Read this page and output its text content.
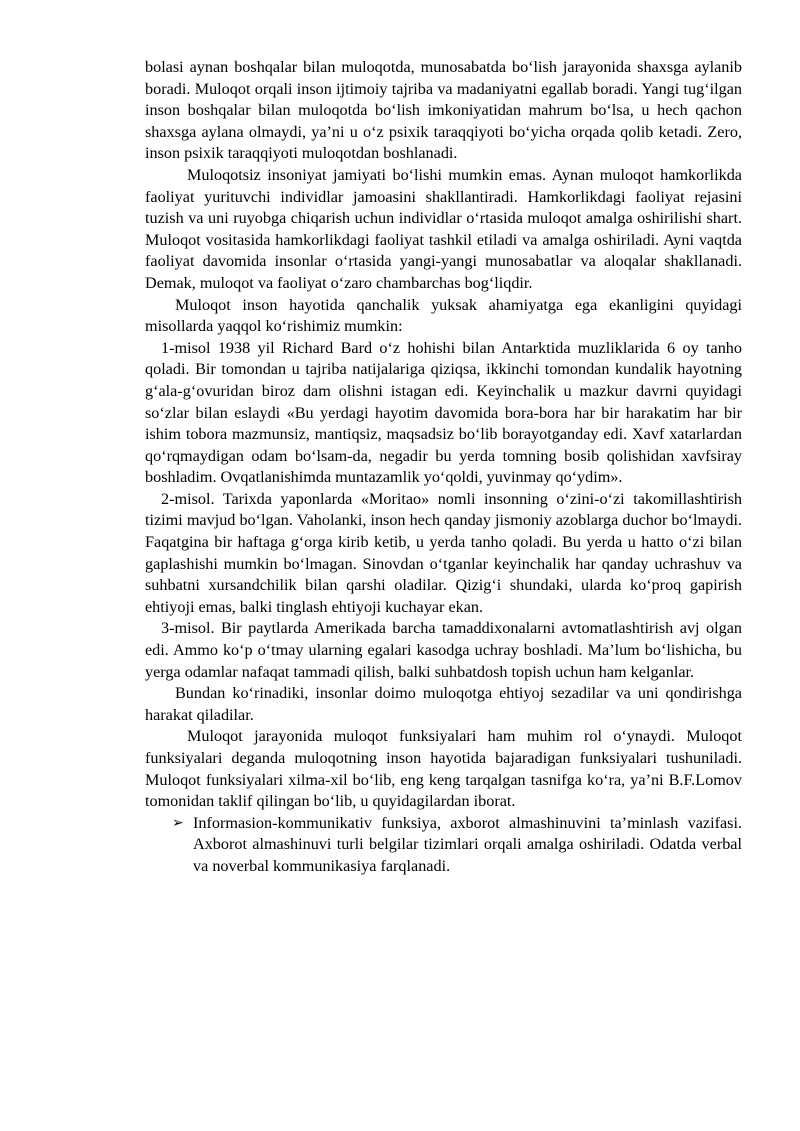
bolasi aynan boshqalar bilan muloqotda, munosabatda bo‘lish jarayonida shaxsga aylanib boradi. Muloqot orqali inson ijtimoiy tajriba va madaniyatni egallab boradi. Yangi tug‘ilgan inson boshqalar bilan muloqotda bo‘lish imkoniyatidan mahrum bo‘lsa, u hech qachon shaxsga aylana olmaydi, ya’ni u o‘z psixik taraqqiyoti bo‘yicha orqada qolib ketadi. Zero, inson psixik taraqqiyoti muloqotdan boshlanadi.

Muloqotsiz insoniyat jamiyati bo‘lishi mumkin emas. Aynan muloqot hamkorlikda faoliyat yurituvchi individlar jamoasini shakllantiradi. Hamkorlikdagi faoliyat rejasini tuzish va uni ruyobga chiqarish uchun individlar o‘rtasida muloqot amalga oshirilishi shart. Muloqot vositasida hamkorlikdagi faoliyat tashkil etiladi va amalga oshiriladi. Ayni vaqtda faoliyat davomida insonlar o‘rtasida yangi-yangi munosabatlar va aloqalar shakllanadi. Demak, muloqot va faoliyat o‘zaro chambarchas bog‘liqdir.

Muloqot inson hayotida qanchalik yuksak ahamiyatga ega ekanligini quyidagi misollarda yaqqol ko‘rishimiz mumkin:

1-misol 1938 yil Richard Bard o‘z hohishi bilan Antarktida muzliklarida 6 oy tanho qoladi. Bir tomondan u tajriba natijalariga qiziqsa, ikkinchi tomondan kundalik hayotning g‘ala-g‘ovuridan biroz dam olishni istagan edi. Keyinchalik u mazkur davrni quyidagi so‘zlar bilan eslaydi «Bu yerdagi hayotim davomida bora-bora har bir harakatim har bir ishim tobora mazmunsiz, mantiqsiz, maqsadsiz bo‘lib borayotganday edi. Xavf xatarlardan qo‘rqmaydigan odam bo‘lsam-da, negadir bu yerda tomning bosib qolishidan xavfsiray boshladim. Ovqatlanishimda muntazamlik yo‘qoldi, yuvinmay qo‘ydim».

2-misol. Tarixda yaponlarda «Moritao» nomli insonning o‘zini-o‘zi takomillashtirish tizimi mavjud bo‘lgan. Vaholanki, inson hech qanday jismoniy azoblarga duchor bo‘lmaydi. Faqatgina bir haftaga g‘orga kirib ketib, u yerda tanho qoladi. Bu yerda u hatto o‘zi bilan gaplashishi mumkin bo‘lmagan. Sinovdan o‘tganlar keyinchalik har qanday uchrashuv va suhbatni xursandchilik bilan qarshi oladilar. Qizig‘i shundaki, ularda ko‘proq gapirish ehtiyoji emas, balki tinglash ehtiyoji kuchayar ekan.

3-misol. Bir paytlarda Amerikada barcha tamaddixonalarni avtomatlashtirish avj olgan edi. Ammo ko‘p o‘tmay ularning egalari kasodga uchray boshladi. Ma’lum bo‘lishicha, bu yerga odamlar nafaqat tammadi qilish, balki suhbatdosh topish uchun ham kelganlar.

Bundan ko‘rinadiki, insonlar doimo muloqotga ehtiyoj sezadilar va uni qondirishga harakat qiladilar.

Muloqot jarayonida muloqot funksiyalari ham muhim rol o‘ynaydi. Muloqot funksiyalari deganda muloqotning inson hayotida bajaradigan funksiyalari tushuniladi. Muloqot funksiyalari xilma-xil bo‘lib, eng keng tarqalgan tasnifga ko‘ra, ya’ni B.F.Lomov tomonidan taklif qilingan bo‘lib, u quyidagilardan iborat.

➢ Informasion-kommunikativ funksiya, axborot almashinuvini ta’minlash vazifasi. Axborot almashinuvi turli belgilar tizimlari orqali amalga oshiriladi. Odatda verbal va noverbal kommunikasiya farqlanadi.
